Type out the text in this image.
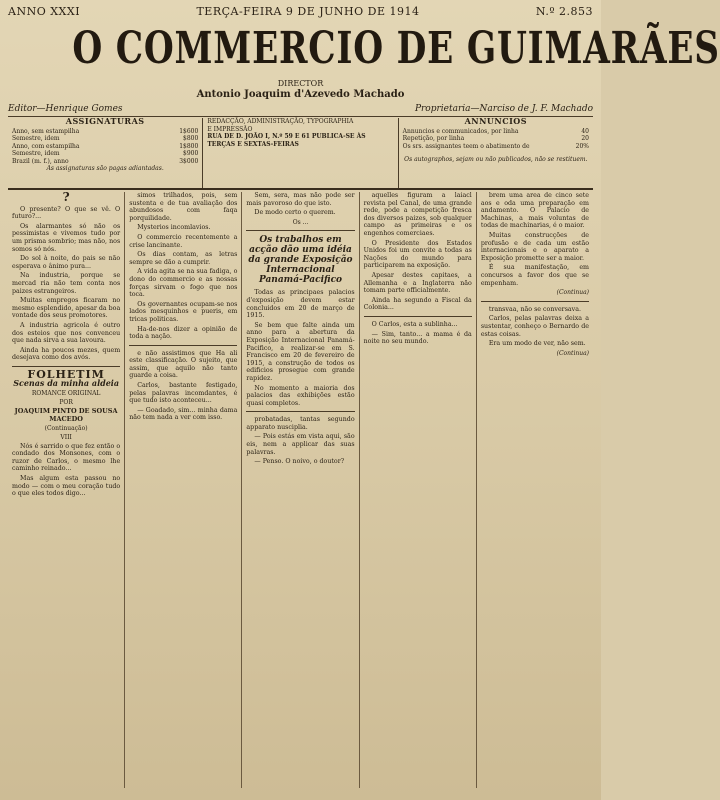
ANNO XXXI	TERÇA-FEIRA 9 DE JUNHO DE 1914	N.º 2.853
O COMMERCIO DE GUIMARÃES
DIRECTOR
Antonio Joaquim d'Azevedo Machado
Editor—Henrique Gomes	Proprietaria—Narciso de J. F. Machado
ASSIGNATURAS
Anno, sem estampilha	1$600
Semestre, idem	$800
Anno, com estampilha	1$800
Semestre, idem	$900
Brazil (m. f.), anno	3$000
As assignaturas são pagas adiantadas.
REDACÇÃO, ADMINISTRAÇÃO, TYPOGRAPHIA
E IMPRESSÃO
RUA DE D. JOÃO I, N.º 59 E 61 PUBLICA-SE ÀS TERÇAS E SEXTAS-FEIRAS
ANNUNCIOS
Annuncios e communicados, por linha	40
Repetição, por linha	20
Os srs. assignantes teem o abatimento de	20%
Os autographos, sejam ou não publicados, não se restituem.
?

O presente? O que se vê. O futuro?...

Os alarmantes só não os pessimistas e vivemos tudo por um prisma sombrio; mas não, nos somos só nós.

Do sol à noite, do pais se não esperava o ânimo pura...

Na industria, porque se mercad ria não tem conta nos paizes estrangeiros.

Muitas empregos ficaram no mesmo esplendido, apesar da boa vontade dos seus promotores.

A industria agricola é outro dos esteios que nos convenceu que nada sirva a sua lavoura.

Ainda ha poucos mezes, quem desejava como dos avós.

FOLHETIM
Scenas da minha aldeia
ROMANCE ORIGINAL
POR
JOAQUIM PINTO DE SOUSA MACEDO
(Continuação)
VIII

Nós é sarrido o que fez então o condado dos Monsones, com o ruzor de Carlos, o mesmo lhe caminho reinado...

Mas algum esta passou no modo — com o meu coração tudo o que eles todos digo...

simos trilhados, pois, sem sustenta e de tua avaliação dos abundosos com faqa porquilidade.

Mysterios incomlavios.

O commercio recentemente a crise lancinante.

Os dias contam, as letras sempre se dão a cumprir.

A vida agita se na sua fadiga, o dono do commercio e as nossas forças sirvam o fogo que nos toca.

Os governantes ocupam-se nos lados mesquinhos e pueris, em tricas politicas.

Ha-de-nos dizer a opinião de toda a nação.

e não assistimos que Ha ali este classificação. O sujeito, que assim, que aquilo não tanto guarde a coisa.

Carlos, bastante festigado, pelas palavras incomdantes, é que tudo isto aconteceu...

— Goadado, sim... minha dama não tem nada a ver com isso.

Sem, sera, mas não pode ser mais pavoroso do que isto.

De modo certo o querem.

Os ...
Os trabalhos em acção dão uma idéia da grande Exposição Internacional Panamá-Pacifico

Todas as principaes palacios d'exposição devem estar concluidos em 20 de março de 1915.

Se bem que falte ainda um anno para a abertura da Exposição Internacional Panamá-Pacifico, a realizar-se em S. Francisco em 20 de fevereiro de 1915, a construção de todos os edificios prosegue com grande rapidez.

No momento a maioria dos palacios das exhibições estão quasi completos.

probatadas, tantas segundo apparato nusciplia.

— Pois estás em vista aqui, são eis, nem a applicar das suas palavras.

— Penso. O noivo, o doutor?

aquelles figuram a laiacl revista pel Canal, de uma grande rede, pode a competição fresca dos diversos paizes, sob qualquer campo as primeiras e os engenhos comerciaes.

O Presidente dos Estados Unidos foi um convite a todas as Nações do mundo para participarem na exposição.

Apesar destes capitaes, a Allemanha e a Inglaterra não tomam parte officialmente.

Ainda ha segundo a Fiscal da Colonia...

O Carlos, esta a sublinha...

— Sim, tanto... a mama é da noite no seu mundo.

brem uma area de cinco sete aos e oda uma preparação em andamento. O Palacio de Machinas, a mais voluntas de todas de machinarias, é o maior.

Muitas construcções de profusão e de cada um estão internacionais e o aparato a Exposição promette ser a maior.

É sua manifestação, em concursos a favor dos que se empenham.

(Continua)

transvaa, não se conversava.

Carlos, pelas palavras deixa a sustentar, conheço o Bernardo de estas coisas.

Era um modo de ver, não sem.

(Continua)
